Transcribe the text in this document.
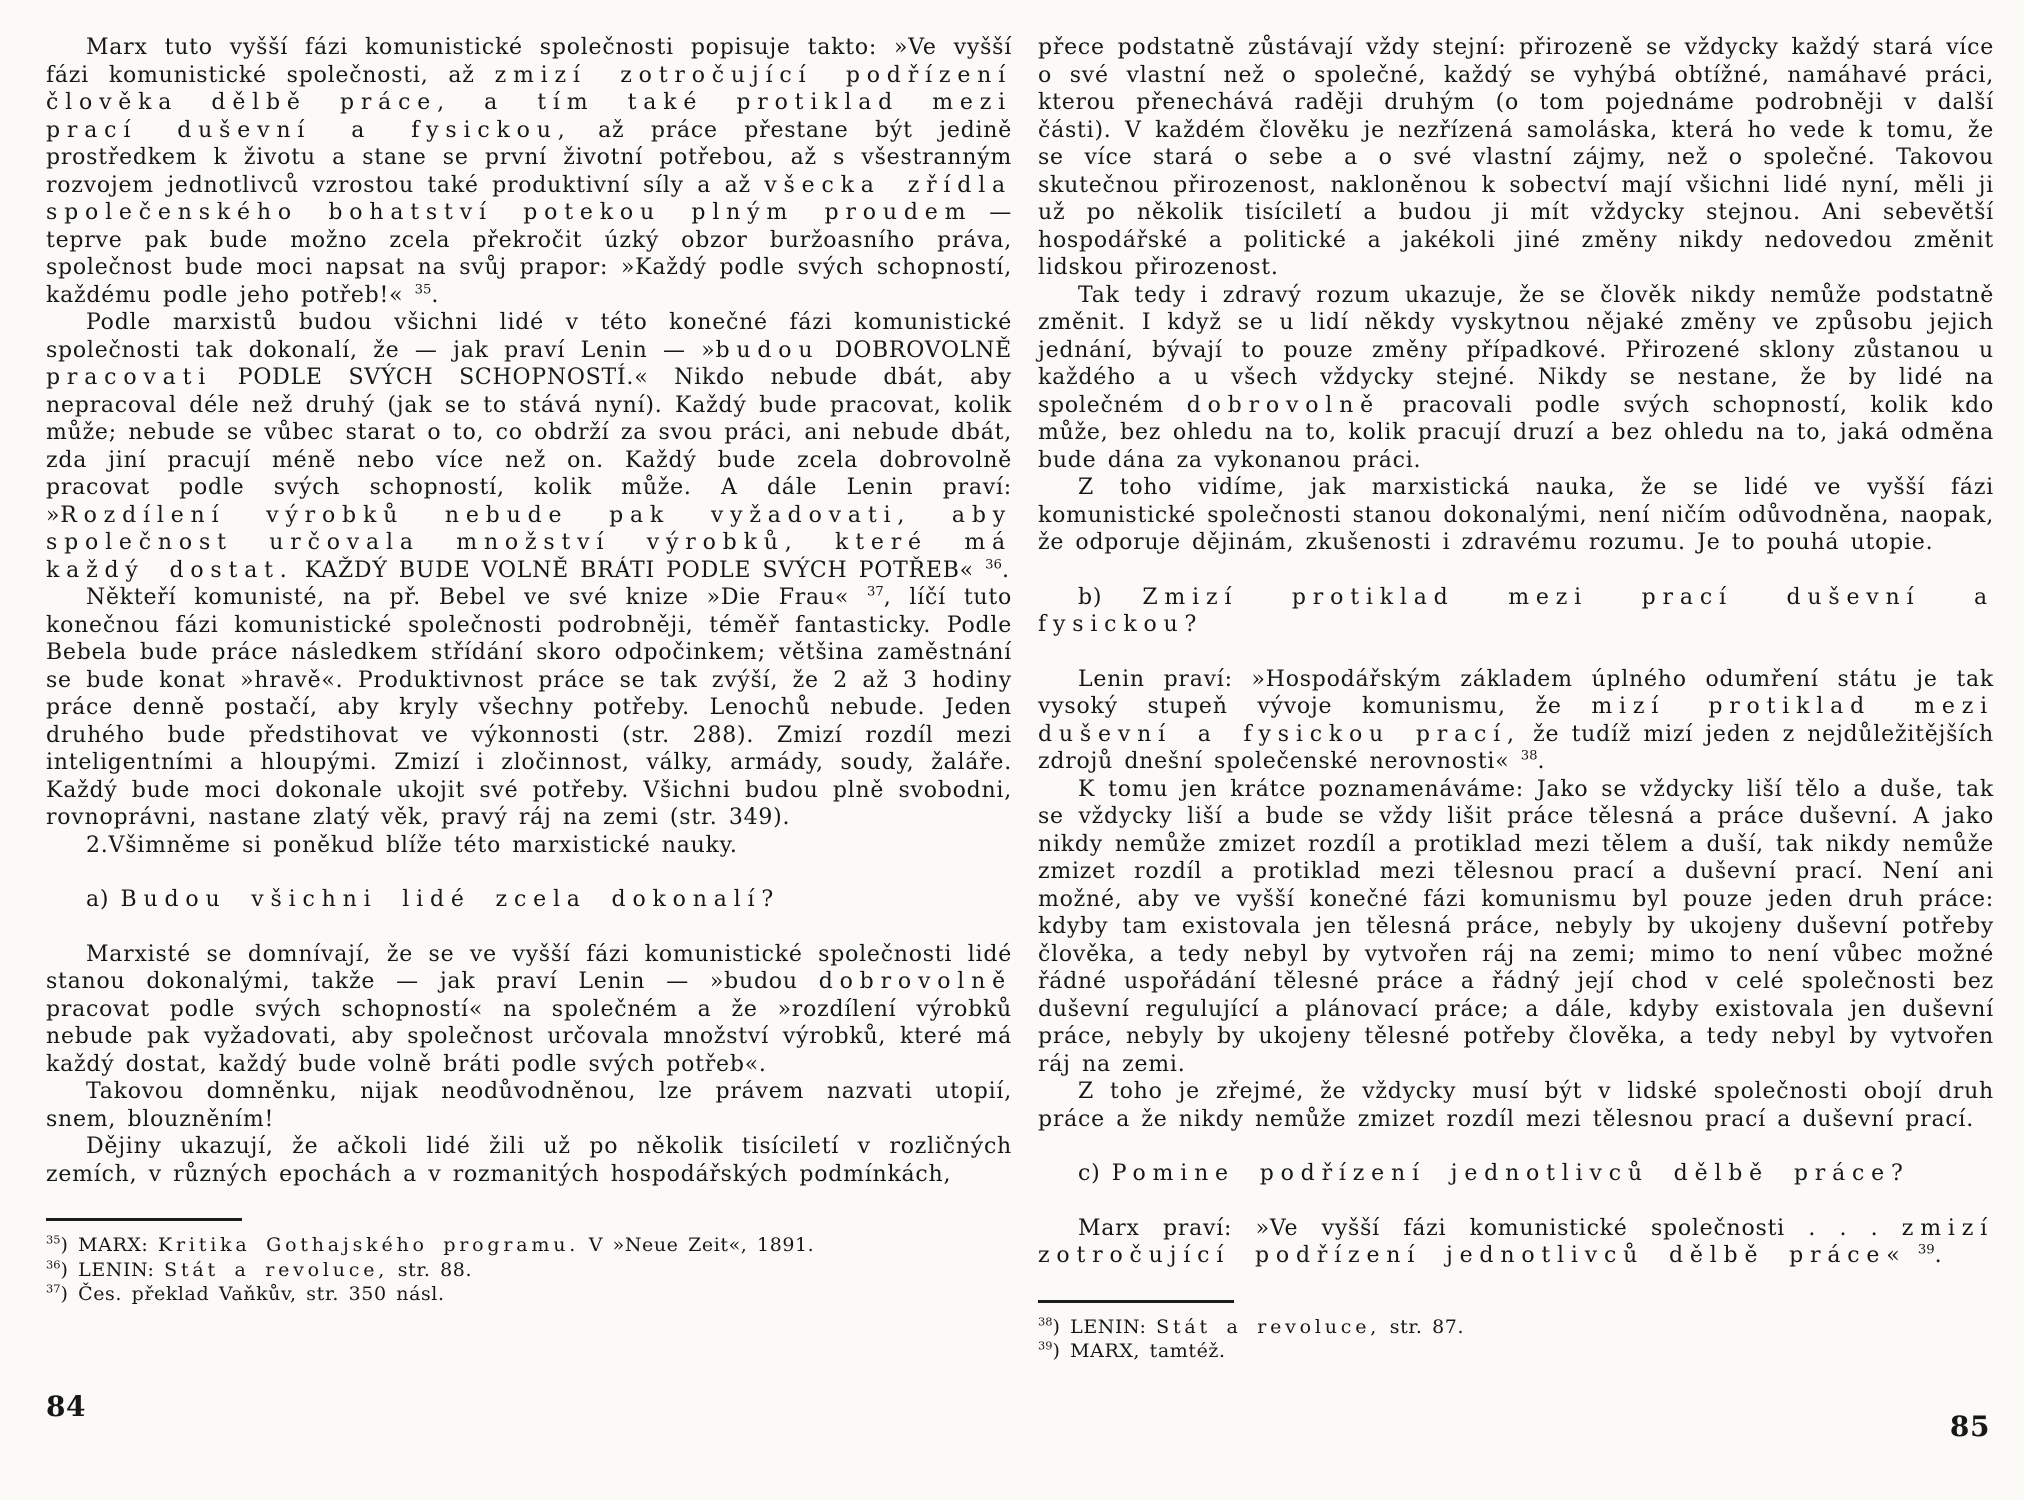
Marx tuto vyšší fázi komunistické společnosti popisuje takto: »Ve vyšší fázi komunistické společnosti, až zmizí zotročující podřízení člověka dělbě práce, a tím také protiklad mezi prací duševní a fysickou, až práce přestane být jedině prostředkem k životu a stane se první životní potřebou, až s všestranným rozvojem jednotlivců vzrostou také produktivní síly a až všecka zřídla společenského bohatství potekou plným proudem — teprve pak bude možno zcela překročit úzký obzor buržoasního práva, společnost bude moci napsat na svůj prapor: »Každý podle svých schopností, každému podle jeho potřeb!« $^{35}$.

Podle marxistů budou všichni lidé v této konečné fázi komunistické společnosti tak dokonalí, že — jak praví Lenin — »budou DOBROVOLNĚ pracovati PODLE SVÝCH SCHOPNOSTÍ.« Nikdo nebude dbát, aby nepracoval déle než druhý (jak se to stává nyní). Každý bude pracovat, kolik může; nebude se vůbec starat o to, co obdrží za svou práci, ani nebude dbát, zda jiní pracují méně nebo více než on. Každý bude zcela dobrovolně pracovat podle svých schopností, kolik může. A dále Lenin praví: »Rozdílení výrobků nebude pak vyžadovati, aby společnost určovala množství výrobků, které má každý dostat. KAŽDÝ BUDE VOLNĚ BRÁTI PODLE SVÝCH POTŘEB« $^{36}$.

Někteří komunisté, na př. Bebel ve své knize »Die Frau« $^{37}$, líčí tuto konečnou fázi komunistické společnosti podrobněji, téměř fantasticky. Podle Bebela bude práce následkem střídání skoro odpočinkem; většina zaměstnání se bude konat »hravě«. Produktivnost práce se tak zvýší, že 2 až 3 hodiny práce denně postačí, aby kryly všechny potřeby. Lenochů nebude. Jeden druhého bude předstihovat ve výkonnosti (str. 288). Zmizí rozdíl mezi inteligentními a hloupými. Zmizí i zločinnost, války, armády, soudy, žaláře. Každý bude moci dokonale ukojit své potřeby. Všichni budou plně svobodni, rovnoprávni, nastane zlatý věk, pravý ráj na zemi (str. 349).

2.Všimněme si poněkud blíže této marxistické nauky.

a) Budou všichni lidé zcela dokonalí?

Marxisté se domnívají, že se ve vyšší fázi komunistické společnosti lidé stanou dokonalými, takže — jak praví Lenin — »budou dobrovolně pracovat podle svých schopností« na společném a že »rozdílení výrobků nebude pak vyžadovati, aby společnost určovala množství výrobků, které má každý dostat, každý bude volně bráti podle svých potřeb«.

Takovou domněnku, nijak neodůvodněnou, lze právem nazvati utopií, snem, blouzněním!

Dějiny ukazují, že ačkoli lidé žili už po několik tisíciletí v rozličných zemích, v různých epochách a v rozmanitých hospodářských podmínkách,

$^{35}$) MARX: Kritika Gothajského programu. V »Neue Zeit«, 1891.

$^{36}$) LENIN: Stát a revoluce, str. 88.

$^{37}$) Čes. překlad Vaňkův, str. 350 násl.

84

přece podstatně zůstávají vždy stejní: přirozeně se vždycky každý stará více o své vlastní než o společné, každý se vyhýbá obtížné, namáhavé práci, kterou přenechává raději druhým (o tom pojednáme podrobněji v další části). V každém člověku je nezřízená samoláska, která ho vede k tomu, že se více stará o sebe a o své vlastní zájmy, než o společné. Takovou skutečnou přirozenost, nakloněnou k sobectví mají všichni lidé nyní, měli ji už po několik tisíciletí a budou ji mít vždycky stejnou. Ani sebevětší hospodářské a politické a jakékoli jiné změny nikdy nedovedou změnit lidskou přirozenost.

Tak tedy i zdravý rozum ukazuje, že se člověk nikdy nemůže podstatně změnit. I když se u lidí někdy vyskytnou nějaké změny ve způsobu jejich jednání, bývají to pouze změny případkové. Přirozené sklony zůstanou u každého a u všech vždycky stejné. Nikdy se nestane, že by lidé na společném dobrovolně pracovali podle svých schopností, kolik kdo může, bez ohledu na to, kolik pracují druzí a bez ohledu na to, jaká odměna bude dána za vykonanou práci.

Z toho vidíme, jak marxistická nauka, že se lidé ve vyšší fázi komunistické společnosti stanou dokonalými, není ničím odůvodněna, naopak, že odporuje dějinám, zkušenosti i zdravému rozumu. Je to pouhá utopie.

b) Zmizí protiklad mezi prací duševní a fysickou?

Lenin praví: »Hospodářským základem úplného odumření státu je tak vysoký stupeň vývoje komunismu, že mizí protiklad mezi duševní a fysickou prací, že tudíž mizí jeden z nejdůležitějších zdrojů dnešní společenské nerovnosti« $^{38}$.

K tomu jen krátce poznamenáváme: Jako se vždycky liší tělo a duše, tak se vždycky liší a bude se vždy lišit práce tělesná a práce duševní. A jako nikdy nemůže zmizet rozdíl a protiklad mezi tělem a duší, tak nikdy nemůže zmizet rozdíl a protiklad mezi tělesnou prací a duševní prací. Není ani možné, aby ve vyšší konečné fázi komunismu byl pouze jeden druh práce: kdyby tam existovala jen tělesná práce, nebyly by ukojeny duševní potřeby člověka, a tedy nebyl by vytvořen ráj na zemi; mimo to není vůbec možné řádné uspořádání tělesné práce a řádný její chod v celé společnosti bez duševní regulující a plánovací práce; a dále, kdyby existovala jen duševní práce, nebyly by ukojeny tělesné potřeby člověka, a tedy nebyl by vytvořen ráj na zemi.

Z toho je zřejmé, že vždycky musí být v lidské společnosti obojí druh práce a že nikdy nemůže zmizet rozdíl mezi tělesnou prací a duševní prací.

c) Pomine podřízení jednotlivců dělbě práce?

Marx praví: »Ve vyšší fázi komunistické společnosti . . . zmizí zotročující podřízení jednotlivců dělbě práce« $^{39}$.

$^{38}$) LENIN: Stát a revoluce, str. 87.

$^{39}$) MARX, tamtéž.

85
